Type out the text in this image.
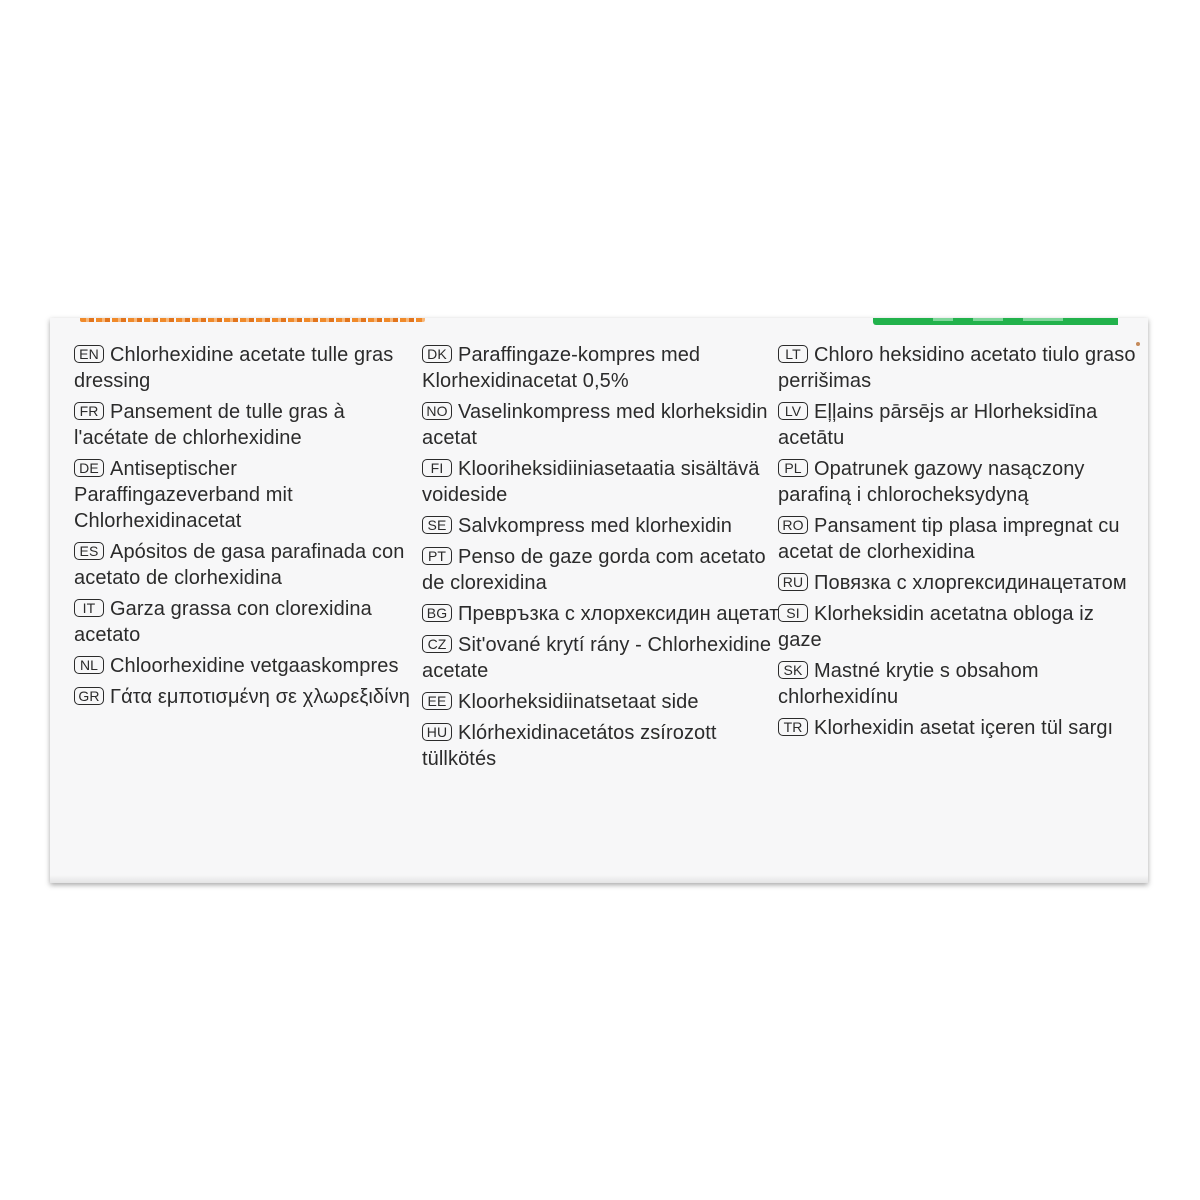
EN Chlorhexidine acetate tulle gras dressing
FR Pansement de tulle gras à l'acétate de chlorhexidine
DE Antiseptischer Paraffingazeverband mit Chlorhexidinacetat
ES Apósitos de gasa parafinada con acetato de clorhexidina
IT Garza grassa con clorexidina acetato
NL Chloorhexidine vetgaaskompres
GR Γάτα εμποτισμένη σε χλωρεξιδίνη
DK Paraffingaze-kompres med Klorhexidinacetat 0,5%
NO Vaselinkompress med klorheksidin acetat
FI Klooriheksidiiniasetaatia sisältävä voideside
SE Salvkompress med klorhexidin
PT Penso de gaze gorda com acetato de clorexidina
BG Превръзка с хлорхексидин ацетат
CZ Sit'ované krytí rány - Chlorhexidine acetate
EE Kloorheksidiinatsetaat side
HU Klórhexidinacetátos zsírozott tüllkötés
LT Chloro heksidino acetato tiulo graso perrišimas
LV Eļļains pārsējs ar Hlorheksidīna acetātu
PL Opatrunek gazowy nasączony parafiną i chlorocheksydyną
RO Pansament tip plasa impregnat cu acetat de clorhexidina
RU Повязка с хлоргексидинацетатом
SI Klorheksidin acetatna obloga iz gaze
SK Mastné krytie s obsahom chlorhexidínu
TR Klorhexidin asetat içeren tül sargı
